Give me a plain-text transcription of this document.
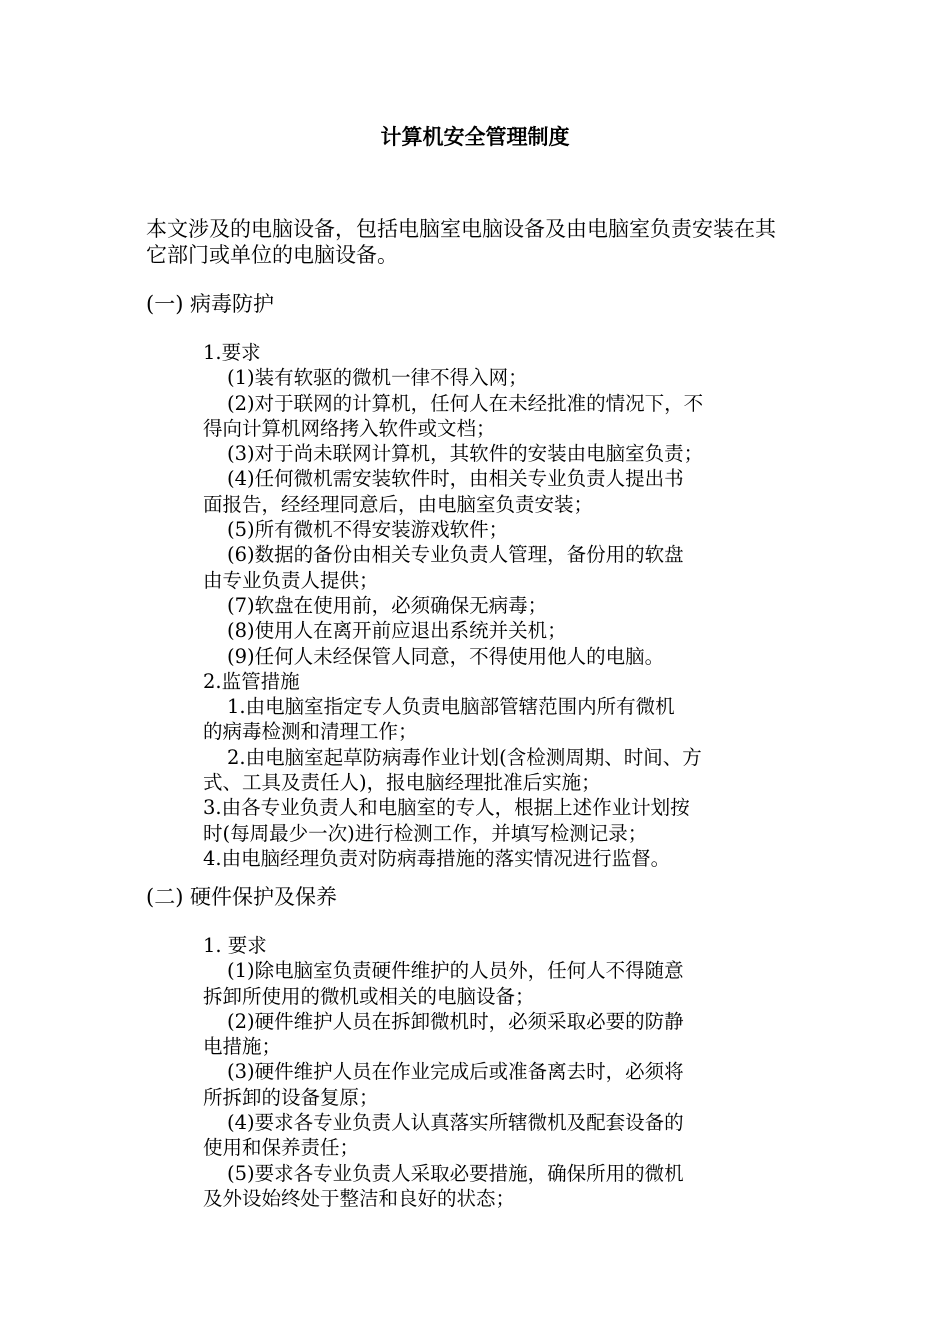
计算机安全管理制度
本文涉及的电脑设备，包括电脑室电脑设备及由电脑室负责安装在其
它部门或单位的电脑设备。
(一) 病毒防护
1.要求
(1)装有软驱的微机一律不得入网；
(2)对于联网的计算机，任何人在未经批准的情况下，不
得向计算机网络拷入软件或文档；
(3)对于尚未联网计算机，其软件的安装由电脑室负责；
(4)任何微机需安装软件时，由相关专业负责人提出书
面报告，经经理同意后，由电脑室负责安装；
(5)所有微机不得安装游戏软件；
(6)数据的备份由相关专业负责人管理，备份用的软盘
由专业负责人提供；
(7)软盘在使用前，必须确保无病毒；
(8)使用人在离开前应退出系统并关机；
(9)任何人未经保管人同意，不得使用他人的电脑。
2.监管措施
1.由电脑室指定专人负责电脑部管辖范围内所有微机
的病毒检测和清理工作；
2.由电脑室起草防病毒作业计划(含检测周期、时间、方
式、工具及责任人)，报电脑经理批准后实施；
3.由各专业负责人和电脑室的专人，根据上述作业计划按
时(每周最少一次)进行检测工作，并填写检测记录；
4.由电脑经理负责对防病毒措施的落实情况进行监督。
(二) 硬件保护及保养
1. 要求
(1)除电脑室负责硬件维护的人员外，任何人不得随意
拆卸所使用的微机或相关的电脑设备；
(2)硬件维护人员在拆卸微机时，必须采取必要的防静
电措施；
(3)硬件维护人员在作业完成后或准备离去时，必须将
所拆卸的设备复原；
(4)要求各专业负责人认真落实所辖微机及配套设备的
使用和保养责任；
(5)要求各专业负责人采取必要措施，确保所用的微机
及外设始终处于整洁和良好的状态；
